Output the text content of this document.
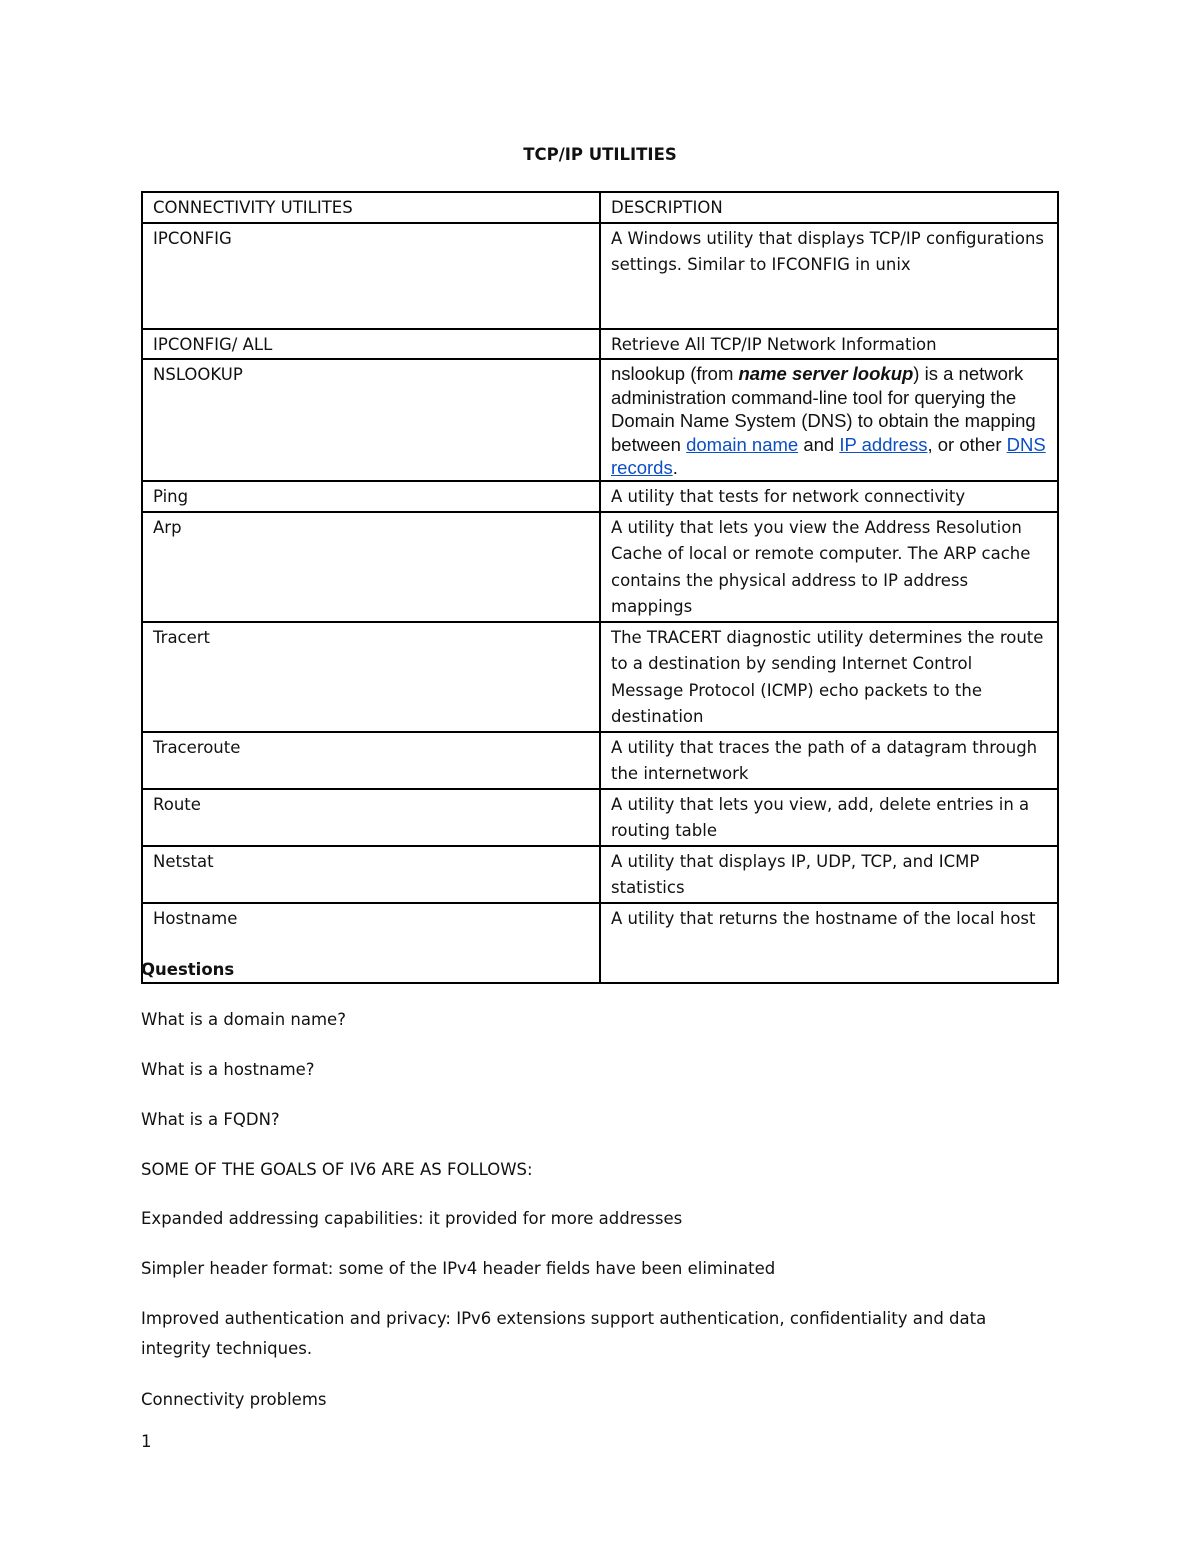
TCP/IP UTILITIES
CONNECTIVITY UTILITES	DESCRIPTION
IPCONFIG	A Windows utility that displays TCP/IP configurations settings. Similar to IFCONFIG in unix
IPCONFIG/ ALL	Retrieve All TCP/IP Network Information
NSLOOKUP	nslookup (from name server lookup) is a network administration command-line tool for querying the Domain Name System (DNS) to obtain the mapping between domain name and IP address, or other DNS records.

Ping	A utility that tests for network connectivity
Arp	A utility that lets you view the Address Resolution Cache of local or remote computer. The ARP cache contains the physical address to IP address mappings
Tracert	The TRACERT diagnostic utility determines the route to a destination by sending Internet Control Message Protocol (ICMP) echo packets to the destination
Traceroute	A utility that traces the path of a datagram through the internetwork
Route	A utility that lets you view, add, delete entries in a routing table
Netstat	A utility that displays IP, UDP, TCP, and ICMP statistics
Hostname	A utility that returns the hostname of the local host
Questions
What is a domain name?
What is a hostname?
What is a FQDN?
SOME OF THE GOALS OF IV6 ARE AS FOLLOWS:
Expanded addressing capabilities: it provided for more addresses
Simpler header format: some of the IPv4 header fields have been eliminated
Improved authentication and privacy: IPv6 extensions support authentication, confidentiality and data integrity techniques.
Connectivity problems
1
